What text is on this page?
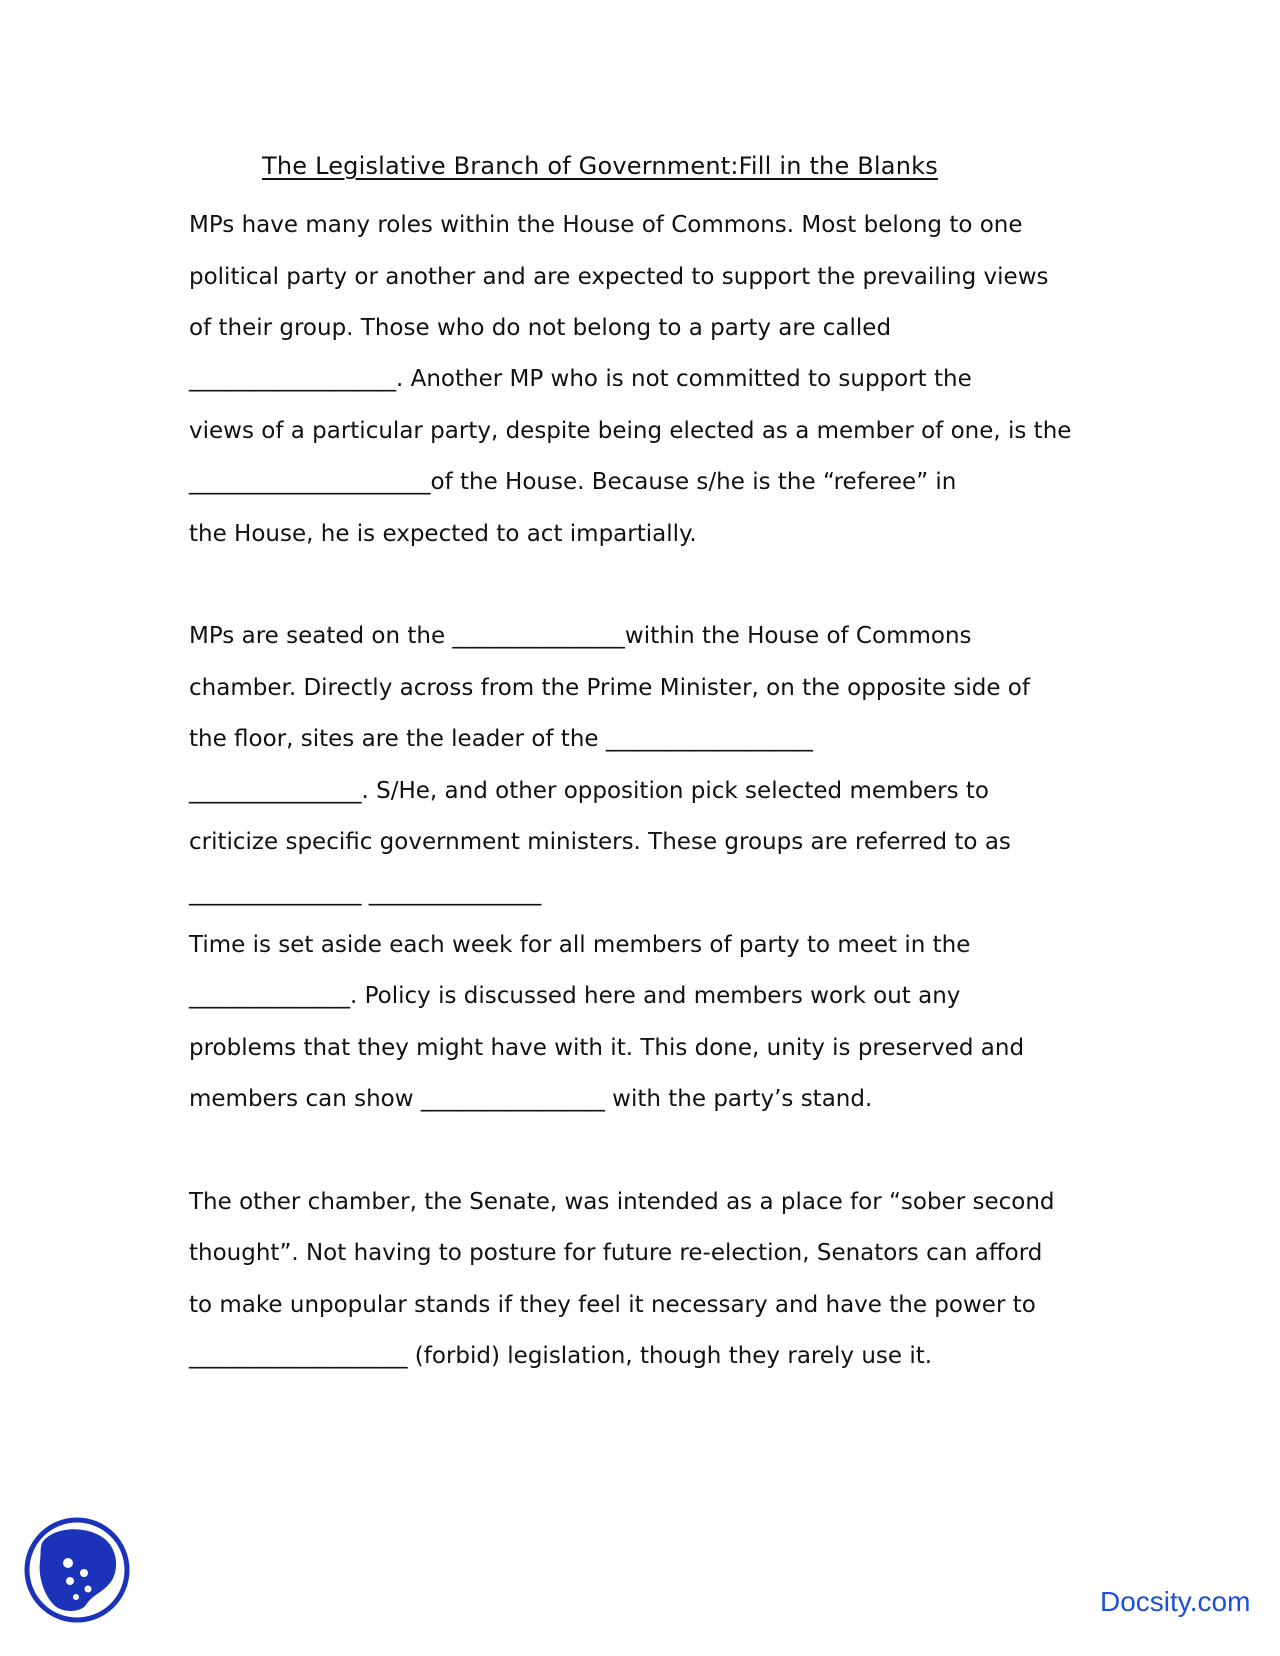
The Legislative Branch of Government:Fill in the Blanks
MPs have many roles within the House of Commons. Most belong to one
political party or another and are expected to support the prevailing views
of their group. Those who do not belong to a party are called
__________________. Another MP who is not committed to support the
views of a particular party, despite being elected as a member of one, is the
_____________________of the House. Because s/he is the “referee” in
the House, he is expected to act impartially.
MPs are seated on the _______________within the House of Commons
chamber. Directly across from the Prime Minister, on the opposite side of
the floor, sites are the leader of the __________________
_______________. S/He, and other opposition pick selected members to
criticize specific government ministers. These groups are referred to as
_______________ _______________
Time is set aside each week for all members of party to meet in the
______________. Policy is discussed here and members work out any
problems that they might have with it. This done, unity is preserved and
members can show ________________ with the party’s stand.
The other chamber, the Senate, was intended as a place for “sober second
thought”. Not having to posture for future re-election, Senators can afford
to make unpopular stands if they feel it necessary and have the power to
___________________ (forbid) legislation, though they rarely use it.
Docsity.com
